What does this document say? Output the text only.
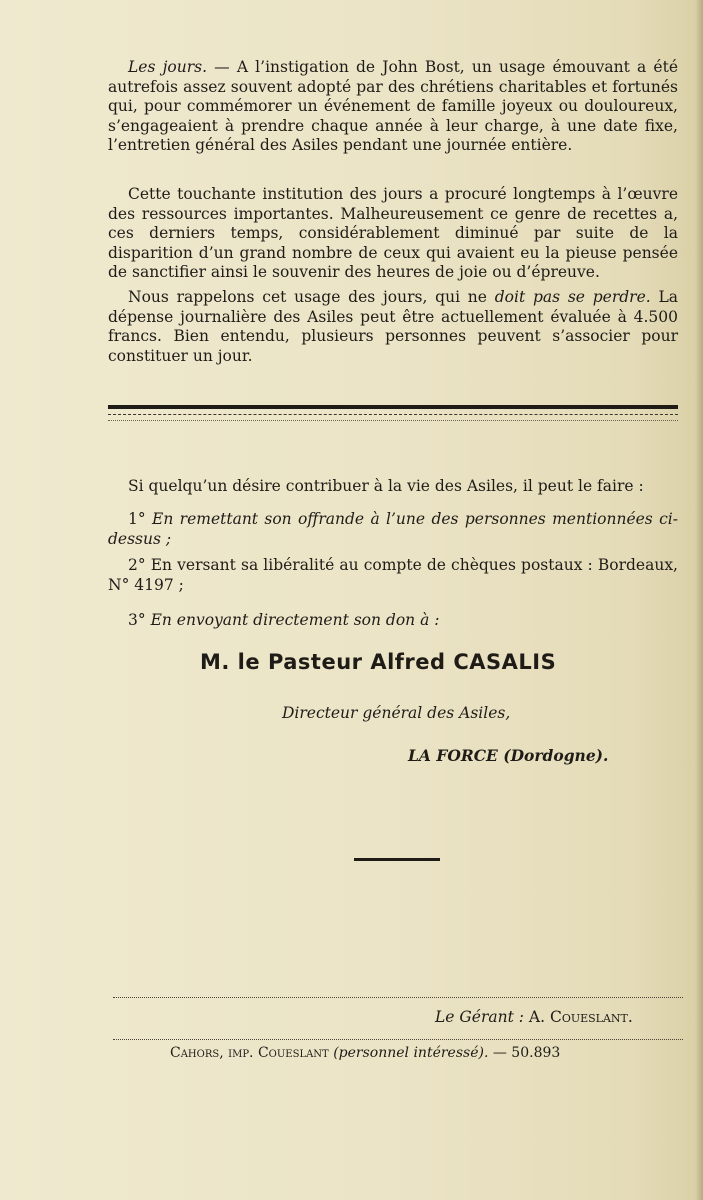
Les jours. — A l’instigation de John Bost, un usage émouvant a été autrefois assez souvent adopté par des chrétiens charitables et fortunés qui, pour commémorer un événement de famille joyeux ou douloureux, s’engageaient à prendre chaque année à leur charge, à une date fixe, l’entretien général des Asiles pendant une journée entière.

Cette touchante institution des jours a procuré longtemps à l’œuvre des ressources importantes. Malheureusement ce genre de recettes a, ces derniers temps, considérablement diminué par suite de la disparition d’un grand nombre de ceux qui avaient eu la pieuse pensée de sanctifier ainsi le souvenir des heures de joie ou d’épreuve.

Nous rappelons cet usage des jours, qui ne doit pas se perdre. La dépense journalière des Asiles peut être actuellement évaluée à 4.500 francs. Bien entendu, plusieurs personnes peuvent s’associer pour constituer un jour.

Si quelqu’un désire contribuer à la vie des Asiles, il peut le faire :

1° En remettant son offrande à l’une des personnes mentionnées ci-dessus ;

2° En versant sa libéralité au compte de chèques postaux : Bordeaux, N° 4197 ;

3° En envoyant directement son don à :

M. le Pasteur Alfred CASALIS

Directeur général des Asiles,

LA FORCE (Dordogne).

Le Gérant : A. Coueslant.

Cahors, imp. Coueslant (personnel intéressé). — 50.893
